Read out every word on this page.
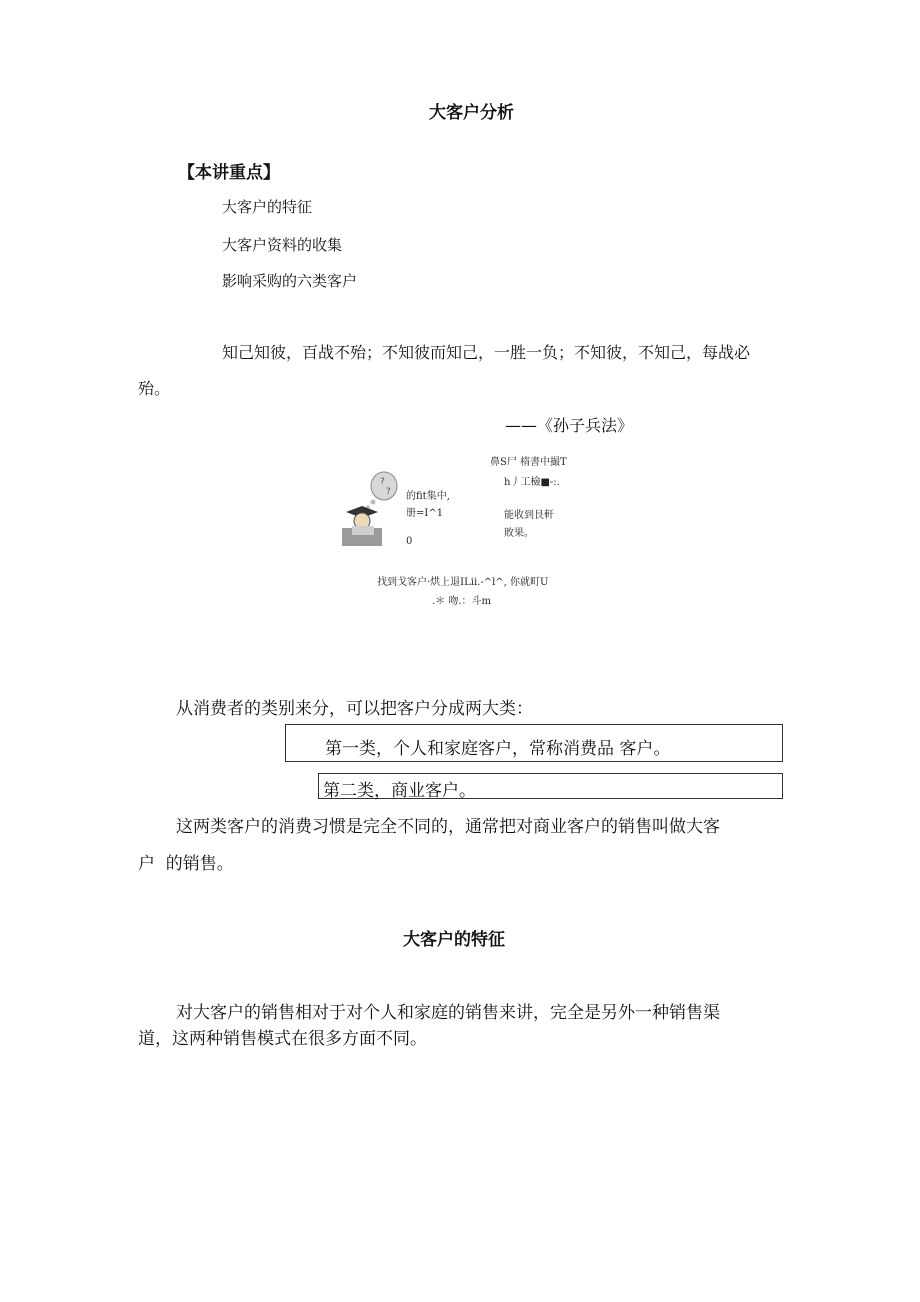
大客户分析
【本讲重点】
大客户的特征
大客户资料的收集
影响采购的六类客户
知己知彼，百战不殆；不知彼而知己，一胜一负；不知彼，不知己，每战必
殆。
——《孙子兵法》
?
? 的fit集中,
册=I^1
0
鼻S尸 楕書中撮T
h丿工檢■-:.
能收到艮軒
敗果。
找到戈客户·烘上退ILii.-^l^, 你就町U
.＊ 吻.：斗m
从消费者的类别来分，可以把客户分成两大类：
第一类，个人和家庭客户，常称消费品 客户。
第二类，商业客户。
这两类客户的消费习惯是完全不同的，通常把对商业客户的销售叫做大客
户  的销售。
大客户的特征
对大客户的销售相对于对个人和家庭的销售来讲，完全是另外一种销售渠
道，这两种销售模式在很多方面不同。
